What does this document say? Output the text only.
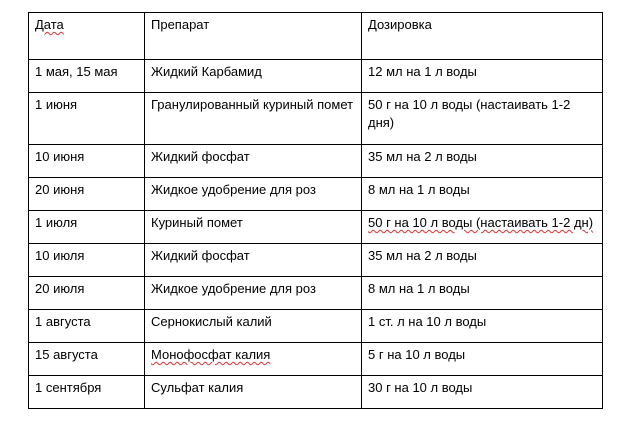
Дата	Препарат	Дозировка
1 мая, 15 мая	Жидкий Карбамид	12 мл на 1 л воды
1 июня	Гранулированный куриный помет	50 г на 10 л воды (настаивать 1-2 дня)
10 июня	Жидкий фосфат	35 мл на 2 л воды
20 июня	Жидкое удобрение для роз	8 мл на 1 л воды
1 июля	Куриный помет	50 г на 10 л воды (настаивать 1-2 дн)
10 июля	Жидкий фосфат	35 мл на 2 л воды
20 июля	Жидкое удобрение для роз	8 мл на 1 л воды
1 августа	Сернокислый калий	1 ст. л на 10 л воды
15 августа	Монофосфат калия	5 г на 10 л воды
1 сентября	Сульфат калия	30 г на 10 л воды
